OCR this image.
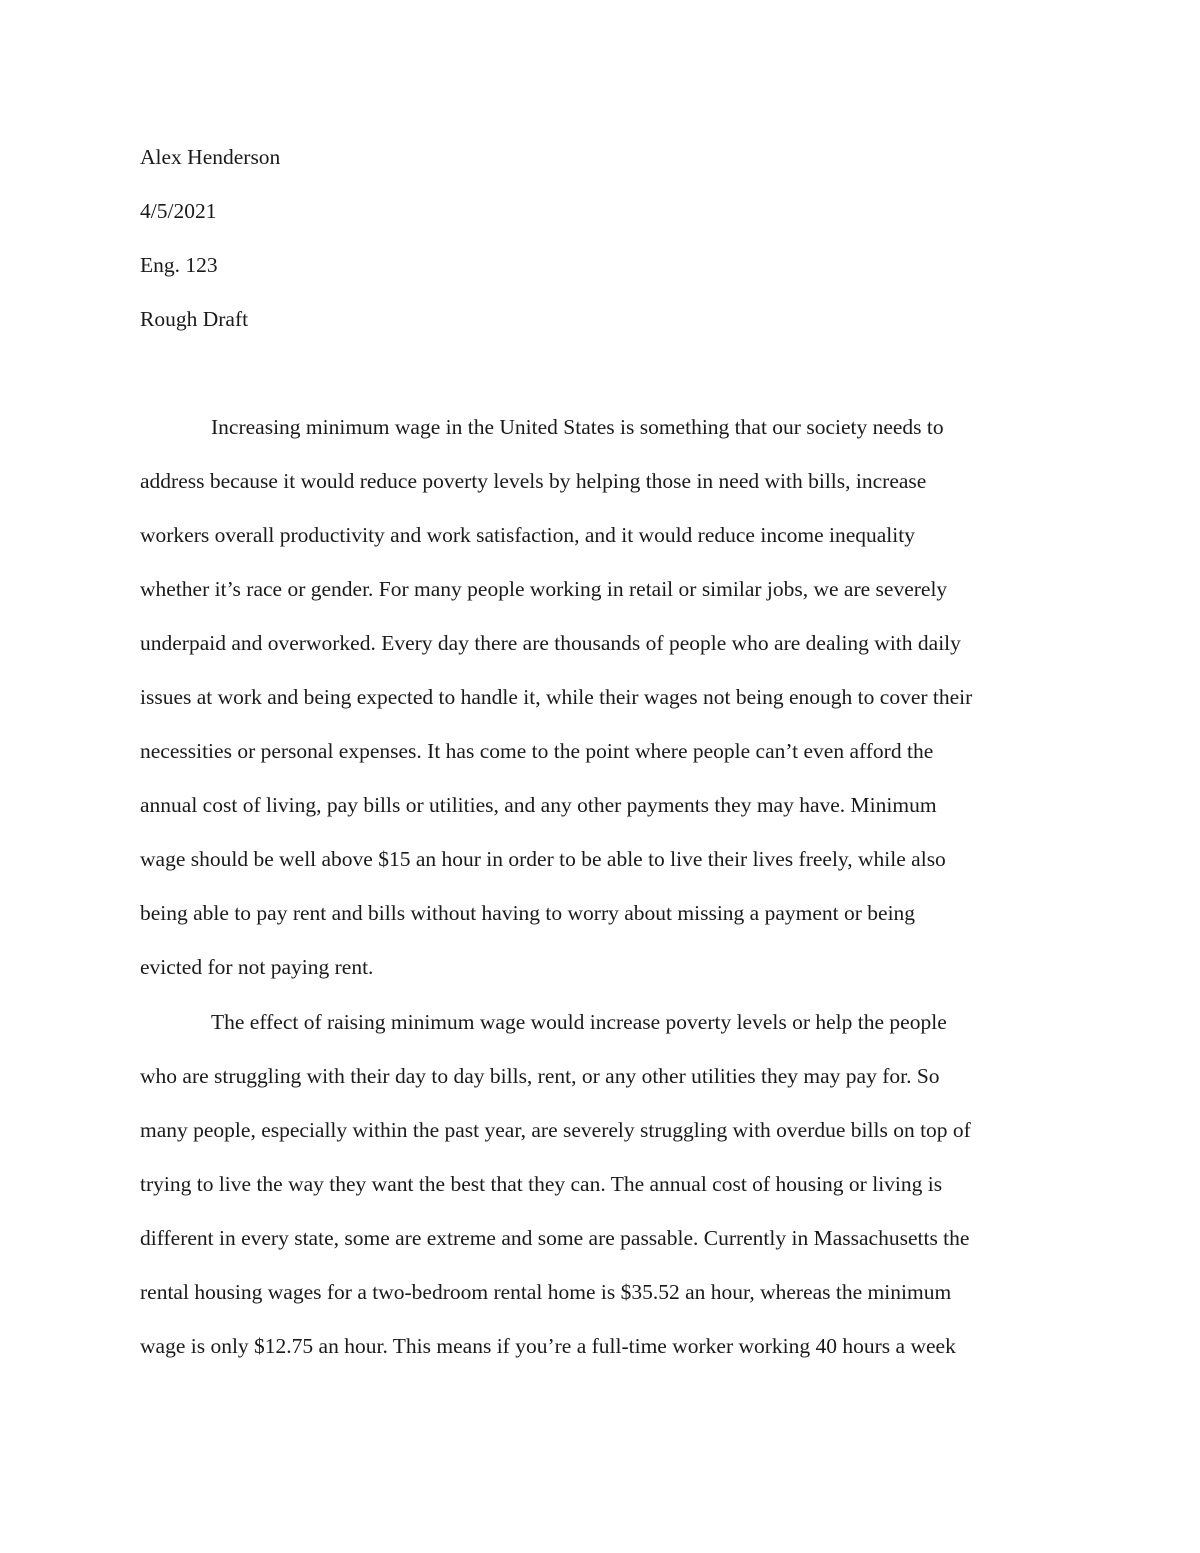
Alex Henderson
4/5/2021
Eng. 123
Rough Draft
Increasing minimum wage in the United States is something that our society needs to
address because it would reduce poverty levels by helping those in need with bills, increase
workers overall productivity and work satisfaction, and it would reduce income inequality
whether it’s race or gender. For many people working in retail or similar jobs, we are severely
underpaid and overworked. Every day there are thousands of people who are dealing with daily
issues at work and being expected to handle it, while their wages not being enough to cover their
necessities or personal expenses. It has come to the point where people can’t even afford the
annual cost of living, pay bills or utilities, and any other payments they may have. Minimum
wage should be well above $15 an hour in order to be able to live their lives freely, while also
being able to pay rent and bills without having to worry about missing a payment or being
evicted for not paying rent.
The effect of raising minimum wage would increase poverty levels or help the people
who are struggling with their day to day bills, rent, or any other utilities they may pay for. So
many people, especially within the past year, are severely struggling with overdue bills on top of
trying to live the way they want the best that they can. The annual cost of housing or living is
different in every state, some are extreme and some are passable. Currently in Massachusetts the
rental housing wages for a two-bedroom rental home is $35.52 an hour, whereas the minimum
wage is only $12.75 an hour. This means if you’re a full-time worker working 40 hours a week
